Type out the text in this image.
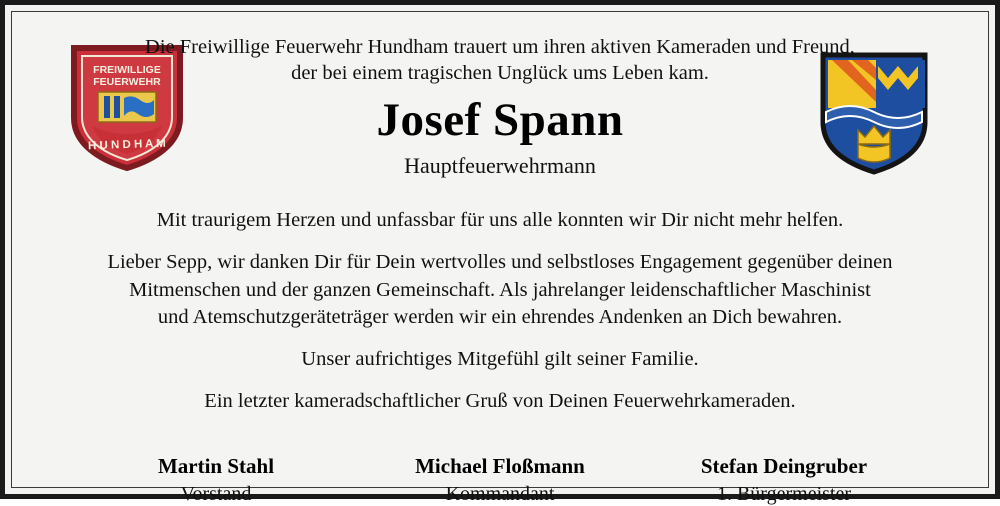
FREIWILLIGE
FEUERWEHR
H U N D H A M
Die Freiwillige Feuerwehr Hundham trauert um ihren aktiven Kameraden und Freund,
der bei einem tragischen Unglück ums Leben kam.
Josef Spann
Hauptfeuerwehrmann
Mit traurigem Herzen und unfassbar für uns alle konnten wir Dir nicht mehr helfen.
Lieber Sepp, wir danken Dir für Dein wertvolles und selbstloses Engagement gegenüber deinen
Mitmenschen und der ganzen Gemeinschaft. Als jahrelanger leidenschaftlicher Maschinist
und Atemschutzgeräteträger werden wir ein ehrendes Andenken an Dich bewahren.
Unser aufrichtiges Mitgefühl gilt seiner Familie.
Ein letzter kameradschaftlicher Gruß von Deinen Feuerwehrkameraden.
Martin Stahl
Vorstand
Michael Floßmann
Kommandant
Stefan Deingruber
1. Bürgermeister
